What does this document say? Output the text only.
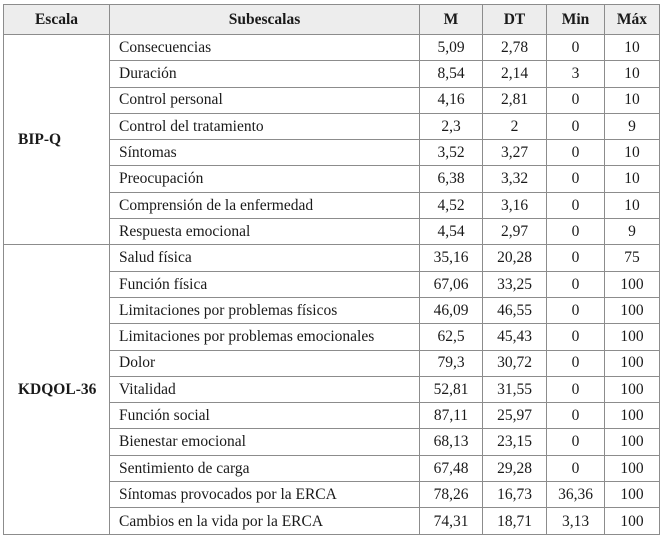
Escala	Subescalas	M	DT	Min	Máx
BIP-Q	Consecuencias	5,09	2,78	0	10
	Duración	8,54	2,14	3	10
	Control personal	4,16	2,81	0	10
	Control del tratamiento	2,3	2	0	9
	Síntomas	3,52	3,27	0	10
	Preocupación	6,38	3,32	0	10
	Comprensión de la enfermedad	4,52	3,16	0	10
	Respuesta emocional	4,54	2,97	0	9
KDQOL-36	Salud física	35,16	20,28	0	75
	Función física	67,06	33,25	0	100
	Limitaciones por problemas físicos	46,09	46,55	0	100
	Limitaciones por problemas emocionales	62,5	45,43	0	100
	Dolor	79,3	30,72	0	100
	Vitalidad	52,81	31,55	0	100
	Función social	87,11	25,97	0	100
	Bienestar emocional	68,13	23,15	0	100
	Sentimiento de carga	67,48	29,28	0	100
	Síntomas provocados por la ERCA	78,26	16,73	36,36	100
	Cambios en la vida por la ERCA	74,31	18,71	3,13	100
